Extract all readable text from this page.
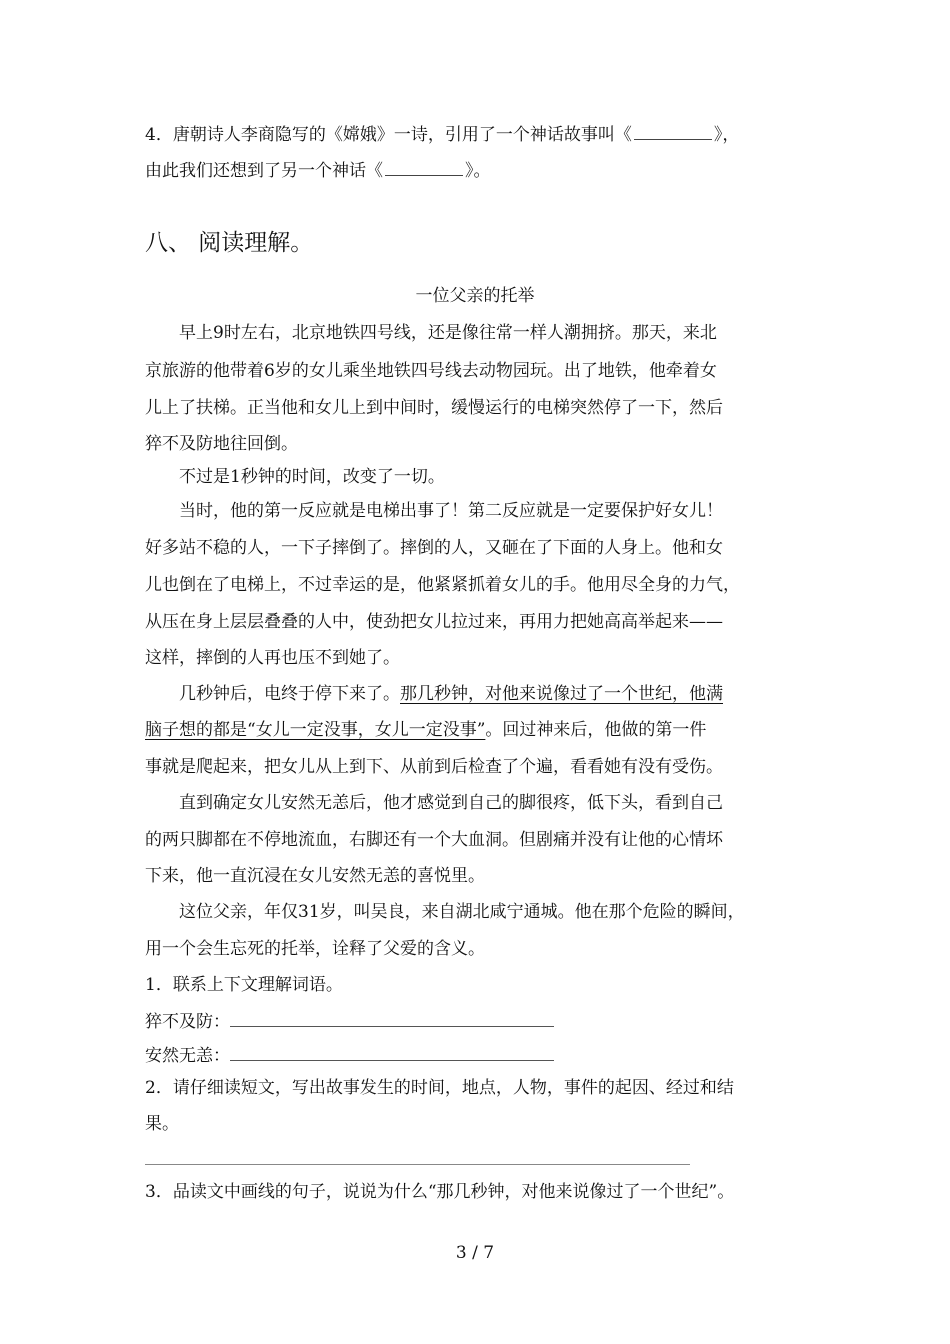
4．唐朝诗人李商隐写的《嫦娥》一诗，引用了一个神话故事叫《	》，
由此我们还想到了另一个神话《	》。
八、 阅读理解。
一位父亲的托举
早上9时左右，北京地铁四号线，还是像往常一样人潮拥挤。那天，来北
京旅游的他带着6岁的女儿乘坐地铁四号线去动物园玩。出了地铁，他牵着女
儿上了扶梯。正当他和女儿上到中间时，缓慢运行的电梯突然停了一下，然后
猝不及防地往回倒。
不过是1秒钟的时间，改变了一切。
当时，他的第一反应就是电梯出事了！第二反应就是一定要保护好女儿！
好多站不稳的人，一下子摔倒了。摔倒的人，又砸在了下面的人身上。他和女
儿也倒在了电梯上，不过幸运的是，他紧紧抓着女儿的手。他用尽全身的力气，
从压在身上层层叠叠的人中，使劲把女儿拉过来，再用力把她高高举起来——
这样，摔倒的人再也压不到她了。
几秒钟后，电终于停下来了。那几秒钟，对他来说像过了一个世纪，他满
脑子想的都是“女儿一定没事，女儿一定没事”。回过神来后，他做的第一件
事就是爬起来，把女儿从上到下、从前到后检查了个遍，看看她有没有受伤。
直到确定女儿安然无恙后，他才感觉到自己的脚很疼，低下头，看到自己
的两只脚都在不停地流血，右脚还有一个大血洞。但剧痛并没有让他的心情坏
下来，他一直沉浸在女儿安然无恙的喜悦里。
这位父亲，年仅31岁，叫吴良，来自湖北咸宁通城。他在那个危险的瞬间，
用一个会生忘死的托举，诠释了父爱的含义。
1．联系上下文理解词语。
猝不及防：
安然无恙：
2．请仔细读短文，写出故事发生的时间，地点，人物，事件的起因、经过和结
果。
3．品读文中画线的句子，说说为什么“那几秒钟，对他来说像过了一个世纪”。
3 / 7
